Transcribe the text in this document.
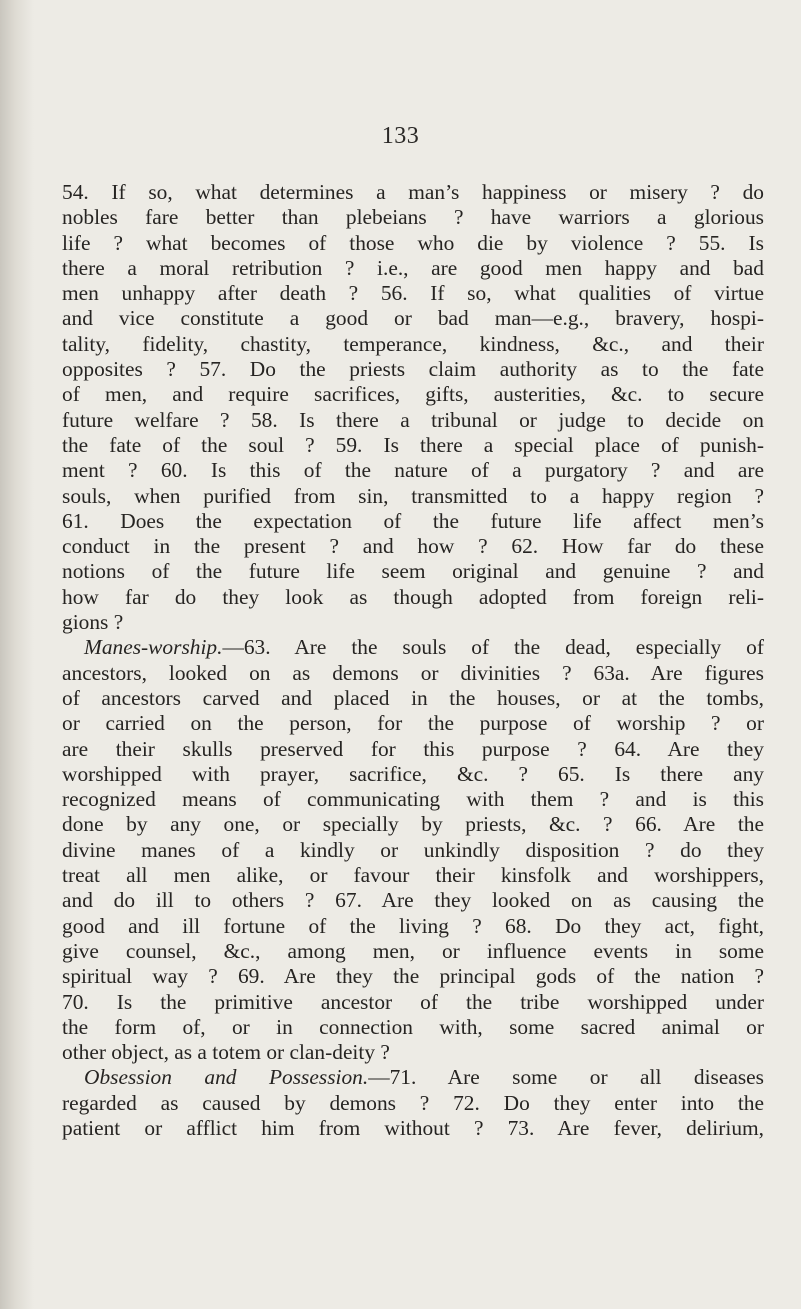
133
54. If so, what determines a man’s happiness or misery ? do
nobles fare better than plebeians ? have warriors a glorious
life ? what becomes of those who die by violence ? 55. Is
there a moral retribution ? i.e., are good men happy and bad
men unhappy after death ? 56. If so, what qualities of virtue
and vice constitute a good or bad man—e.g., bravery, hospi-
tality, fidelity, chastity, temperance, kindness, &c., and their
opposites ? 57. Do the priests claim authority as to the fate
of men, and require sacrifices, gifts, austerities, &c. to secure
future welfare ? 58. Is there a tribunal or judge to decide on
the fate of the soul ? 59. Is there a special place of punish-
ment ? 60. Is this of the nature of a purgatory ? and are
souls, when purified from sin, transmitted to a happy region ?
61. Does the expectation of the future life affect men’s
conduct in the present ? and how ? 62. How far do these
notions of the future life seem original and genuine ? and
how far do they look as though adopted from foreign reli-
gions ?
Manes-worship.—63. Are the souls of the dead, especially of
ancestors, looked on as demons or divinities ? 63a. Are figures
of ancestors carved and placed in the houses, or at the tombs,
or carried on the person, for the purpose of worship ? or
are their skulls preserved for this purpose ? 64. Are they
worshipped with prayer, sacrifice, &c. ? 65. Is there any
recognized means of communicating with them ? and is this
done by any one, or specially by priests, &c. ? 66. Are the
divine manes of a kindly or unkindly disposition ? do they
treat all men alike, or favour their kinsfolk and worshippers,
and do ill to others ? 67. Are they looked on as causing the
good and ill fortune of the living ? 68. Do they act, fight,
give counsel, &c., among men, or influence events in some
spiritual way ? 69. Are they the principal gods of the nation ?
70. Is the primitive ancestor of the tribe worshipped under
the form of, or in connection with, some sacred animal or
other object, as a totem or clan-deity ?
Obsession and Possession.—71. Are some or all diseases
regarded as caused by demons ? 72. Do they enter into the
patient or afflict him from without ? 73. Are fever, delirium,
